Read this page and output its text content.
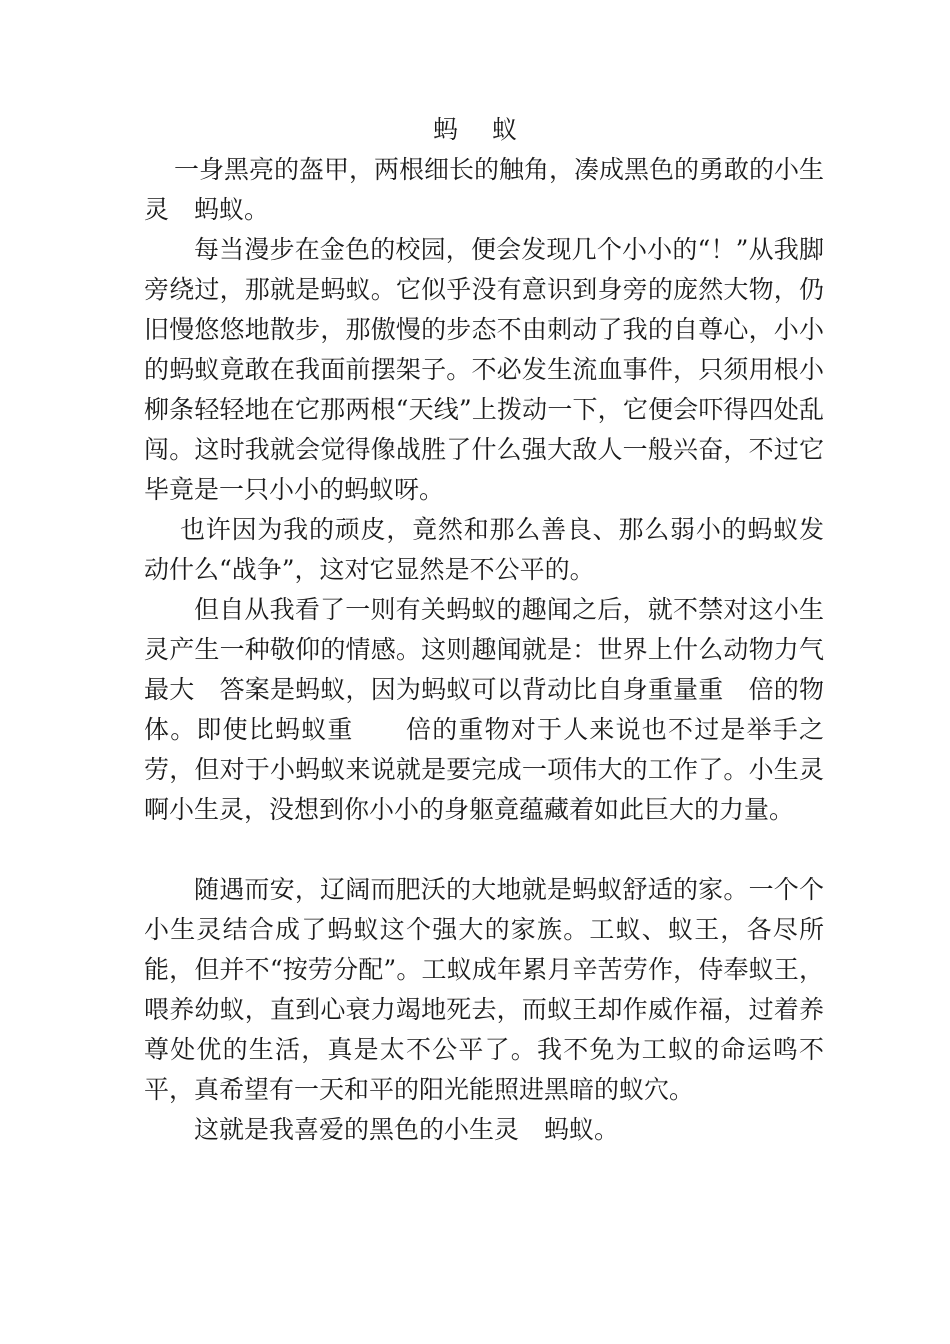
蚂 蚁
一身黑亮的盔甲，两根细长的触角，凑成黑色的勇敢的小生灵　蚂蚁。
每当漫步在金色的校园，便会发现几个小小的“！”从我脚旁绕过，那就是蚂蚁。它似乎没有意识到身旁的庞然大物，仍旧慢悠悠地散步，那傲慢的步态不由刺动了我的自尊心，小小的蚂蚁竟敢在我面前摆架子。不必发生流血事件，只须用根小柳条轻轻地在它那两根“天线”上拨动一下，它便会吓得四处乱闯。这时我就会觉得像战胜了什么强大敌人一般兴奋，不过它毕竟是一只小小的蚂蚁呀。
也许因为我的顽皮，竟然和那么善良、那么弱小的蚂蚁发动什么“战争”，这对它显然是不公平的。
但自从我看了一则有关蚂蚁的趣闻之后，就不禁对这小生灵产生一种敬仰的情感。这则趣闻就是：世界上什么动物力气最大　答案是蚂蚁，因为蚂蚁可以背动比自身重量重　倍的物体。即使比蚂蚁重　　倍的重物对于人来说也不过是举手之劳，但对于小蚂蚁来说就是要完成一项伟大的工作了。小生灵啊小生灵，没想到你小小的身躯竟蕴藏着如此巨大的力量。
随遇而安，辽阔而肥沃的大地就是蚂蚁舒适的家。一个个小生灵结合成了蚂蚁这个强大的家族。工蚁、蚁王，各尽所能，但并不“按劳分配”。工蚁成年累月辛苦劳作，侍奉蚁王，喂养幼蚁，直到心衰力竭地死去，而蚁王却作威作福，过着养尊处优的生活，真是太不公平了。我不免为工蚁的命运鸣不平，真希望有一天和平的阳光能照进黑暗的蚁穴。
这就是我喜爱的黑色的小生灵　蚂蚁。
